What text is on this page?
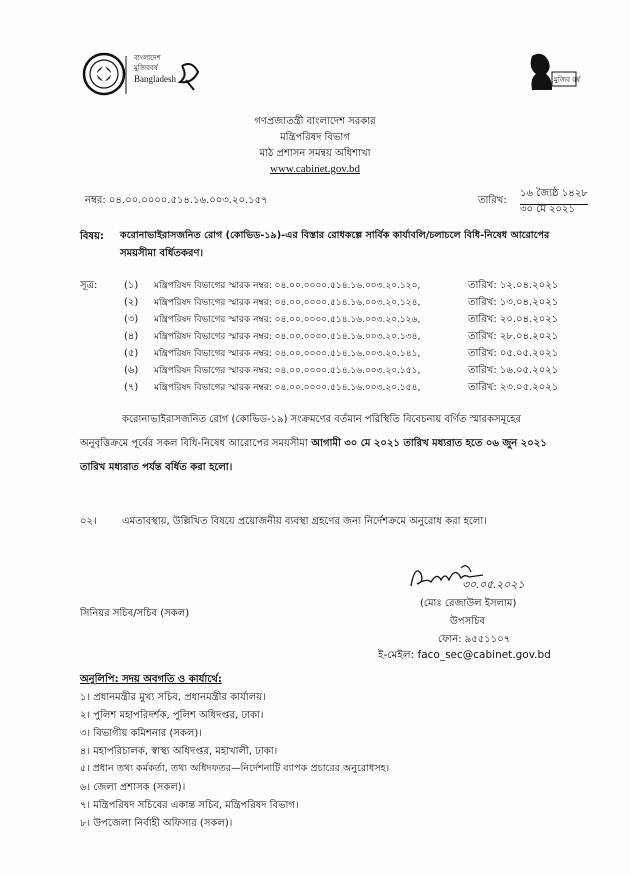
বাংলাদেশ
মুজিববর্ষ
Bangladesh	মুজিব বর্ষ
গণপ্রজাতন্ত্রী বাংলাদেশ সরকার
মন্ত্রিপরিষদ বিভাগ
মাঠ প্রশাসন সমন্বয় অধিশাখা
www.cabinet.gov.bd
নম্বর: ০৪.০০.০০০০.৫১৪.১৬.০০৩.২০.১৫৭	তারিখ:
১৬ জ্যৈষ্ঠ ১৪২৮
৩০ মে ২০২১
বিষয়: করোনাভাইরাসজনিত রোগ (কোভিড-১৯)-এর বিস্তার রোধকল্পে সার্বিক কার্যাবলি/চলাচলে বিধি-নিষেধ আরোপের
সময়সীমা বর্ধিতকরণ।
সূত্র:	(১) মন্ত্রিপরিষদ বিভাগের স্মারক নম্বর: ০৪.০০.০০০০.৫১৪.১৬.০০৩.২০.১২০,	তারিখ: ১২.০৪.২০২১
(২) মন্ত্রিপরিষদ বিভাগের স্মারক নম্বর: ০৪.০০.০০০০.৫১৪.১৬.০০৩.২০.১২৪,	তারিখ: ১৩.০৪.২০২১
(৩) মন্ত্রিপরিষদ বিভাগের স্মারক নম্বর: ০৪.০০.০০০০.৫১৪.১৬.০০৩.২০.১২৬,	তারিখ: ২০.০৪.২০২১
(৪) মন্ত্রিপরিষদ বিভাগের স্মারক নম্বর: ০৪.০০.০০০০.৫১৪.১৬.০০৩.২০.১৩৪,	তারিখ: ২৮.০৪.২০২১
(৫) মন্ত্রিপরিষদ বিভাগের স্মারক নম্বর: ০৪.০০.০০০০.৫১৪.১৬.০০৩.২০.১৪১,	তারিখ: ০৫.০৫.২০২১
(৬) মন্ত্রিপরিষদ বিভাগের স্মারক নম্বর: ০৪.০০.০০০০.৫১৪.১৬.০০৩.২০.১৫১,	তারিখ: ১৬.০৫.২০২১
(৭) মন্ত্রিপরিষদ বিভাগের স্মারক নম্বর: ০৪.০০.০০০০.৫১৪.১৬.০০৩.২০.১৫৪,	তারিখ: ২৩.০৫.২০২১
করোনাভাইরাসজনিত রোগ (কোভিড-১৯) সংক্রমণের বর্তমান পরিস্থিতি বিবেচনায় বর্ণিত স্মারকসমূহের
অনুবৃত্তিক্রমে পূর্বের সকল বিধি-নিষেধ আরোপের সময়সীমা আগামী ৩০ মে ২০২১ তারিখ মধ্যরাত হতে ০৬ জুন ২০২১
তারিখ মধ্যরাত পর্যন্ত বর্ধিত করা হলো।
০২।	এমতাবস্থায়, উল্লিখিত বিষয়ে প্রয়োজনীয় ব্যবস্থা গ্রহণের জন্য নির্দেশক্রমে অনুরোধ করা হলো।
৩০.০৫.২০২১
(মোঃ রেজাউল ইসলাম)
উপসচিব
সিনিয়র সচিব/সচিব (সকল)
ফোন: ৯৫৫১১০৭
ই-মেইল: faco_sec@cabinet.gov.bd
অনুলিপি: সদয় অবগতি ও কার্যার্থে:
১। প্রধানমন্ত্রীর মুখ্য সচিব, প্রধানমন্ত্রীর কার্যালয়।
২। পুলিশ মহাপরিদর্শক, পুলিশ অধিদপ্তর, ঢাকা।
৩। বিভাগীয় কমিশনার (সকল)।
৪। মহাপরিচালক, স্বাস্থ্য অধিদপ্তর, মহাখালী, ঢাকা।
৫। প্রধান তথ্য কর্মকর্তা, তথ্য অধিদফতর—নির্দেশনাটি ব্যাপক প্রচারের অনুরোধসহ।
৬। জেলা প্রশাসক (সকল)।
৭। মন্ত্রিপরিষদ সচিবের একান্ত সচিব, মন্ত্রিপরিষদ বিভাগ।
৮। উপজেলা নির্বাহী অফিসার (সকল)।
